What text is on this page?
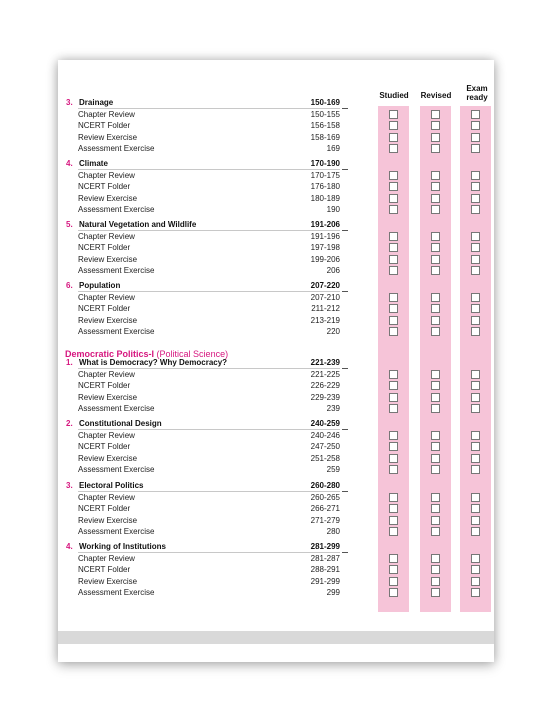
Studied	Revised
Exam ready
Democratic Politics-I (Political Science)
3. Drainage	150-169
Chapter Review	150-155
NCERT Folder	156-158
Review Exercise	158-169
Assessment Exercise	169
4. Climate	170-190
Chapter Review	170-175
NCERT Folder	176-180
Review Exercise	180-189
Assessment Exercise	190
5. Natural Vegetation and Wildlife	191-206
Chapter Review	191-196
NCERT Folder	197-198
Review Exercise	199-206
Assessment Exercise	206
6. Population	207-220
Chapter Review	207-210
NCERT Folder	211-212
Review Exercise	213-219
Assessment Exercise	220
1. What is Democracy? Why Democracy?	221-239
Chapter Review	221-225
NCERT Folder	226-229
Review Exercise	229-239
Assessment Exercise	239
2. Constitutional Design	240-259
Chapter Review	240-246
NCERT Folder	247-250
Review Exercise	251-258
Assessment Exercise	259
3. Electoral Politics	260-280
Chapter Review	260-265
NCERT Folder	266-271
Review Exercise	271-279
Assessment Exercise	280
4. Working of Institutions	281-299
Chapter Review	281-287
NCERT Folder	288-291
Review Exercise	291-299
Assessment Exercise	299
